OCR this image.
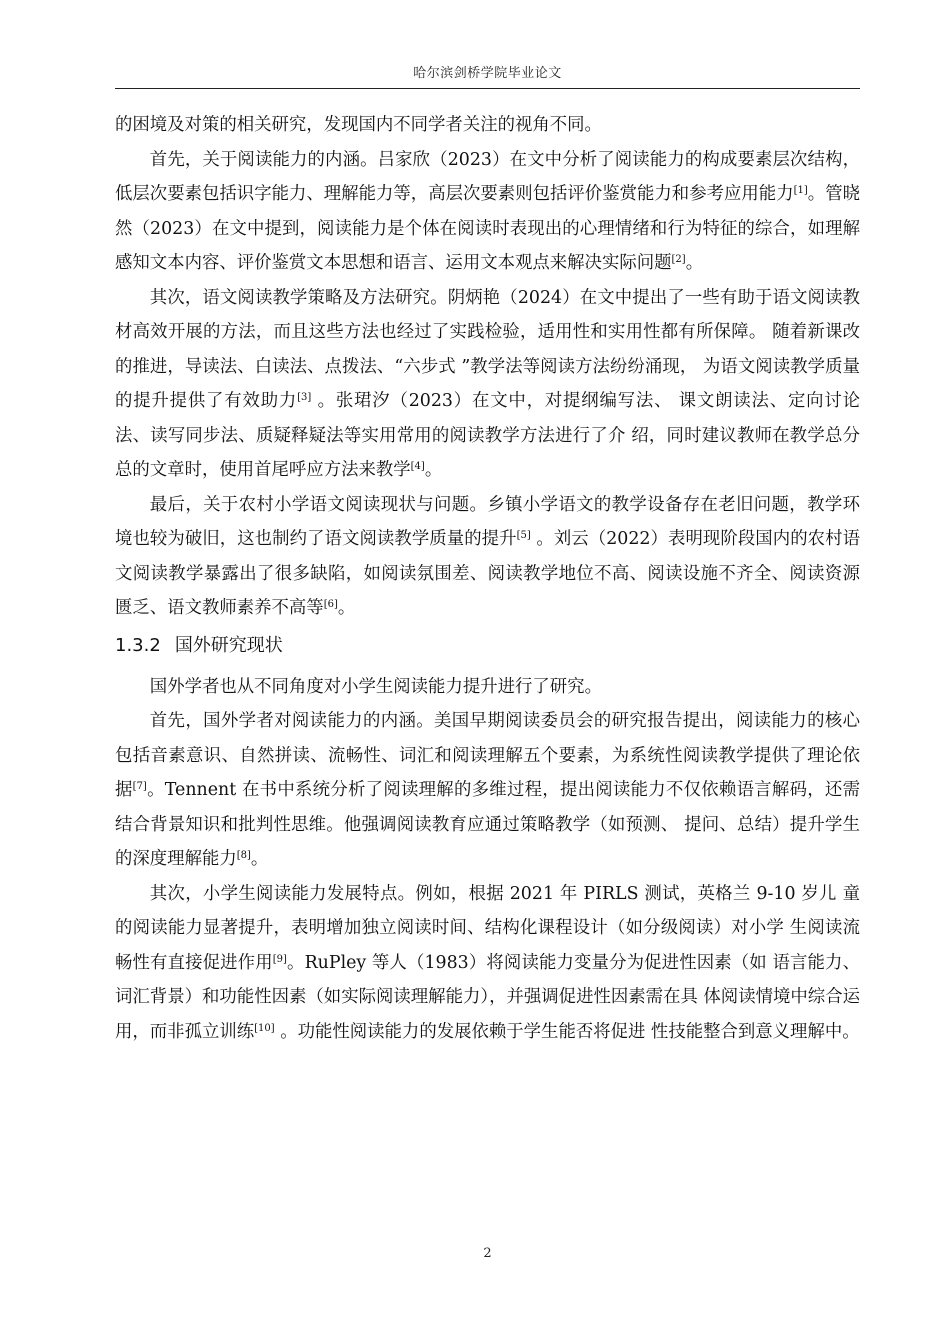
哈尔滨剑桥学院毕业论文

的困境及对策的相关研究，发现国内不同学者关注的视角不同。

首先，关于阅读能力的内涵。吕家欣（2023）在文中分析了阅读能力的构成要素层次结构，低层次要素包括识字能力、理解能力等，高层次要素则包括评价鉴赏能力和参考应用能力[1]。管晓然（2023）在文中提到，阅读能力是个体在阅读时表现出的心理情绪和行为特征的综合，如理解感知文本内容、评价鉴赏文本思想和语言、运用文本观点来解决实际问题[2]。

其次，语文阅读教学策略及方法研究。阴炳艳（2024）在文中提出了一些有助于语文阅读教材高效开展的方法，而且这些方法也经过了实践检验，适用性和实用性都有所保障。 随着新课改的推进，导读法、白读法、点拨法、“六步式 ”教学法等阅读方法纷纷涌现， 为语文阅读教学质量的提升提供了有效助力[3] 。张珺汐（2023）在文中，对提纲编写法、 课文朗读法、定向讨论法、读写同步法、质疑释疑法等实用常用的阅读教学方法进行了介 绍，同时建议教师在教学总分总的文章时，使用首尾呼应方法来教学[4]。

最后，关于农村小学语文阅读现状与问题。乡镇小学语文的教学设备存在老旧问题，教学环境也较为破旧，这也制约了语文阅读教学质量的提升[5] 。刘云（2022）表明现阶段国内的农村语文阅读教学暴露出了很多缺陷，如阅读氛围差、阅读教学地位不高、阅读设施不齐全、阅读资源匮乏、语文教师素养不高等[6]。

1.3.2 国外研究现状

国外学者也从不同角度对小学生阅读能力提升进行了研究。

首先，国外学者对阅读能力的内涵。美国早期阅读委员会的研究报告提出，阅读能力的核心包括音素意识、自然拼读、流畅性、词汇和阅读理解五个要素，为系统性阅读教学提供了理论依据[7]。Tennent 在书中系统分析了阅读理解的多维过程，提出阅读能力不仅依赖语言解码，还需结合背景知识和批判性思维。他强调阅读教育应通过策略教学（如预测、 提问、总结）提升学生的深度理解能力[8]。

其次，小学生阅读能力发展特点。例如，根据 2021 年 PIRLS 测试，英格兰 9-10 岁儿 童的阅读能力显著提升，表明增加独立阅读时间、结构化课程设计（如分级阅读）对小学 生阅读流畅性有直接促进作用[9]。RuPley 等人（1983）将阅读能力变量分为促进性因素（如 语言能力、词汇背景）和功能性因素（如实际阅读理解能力），并强调促进性因素需在具 体阅读情境中综合运用，而非孤立训练[10] 。功能性阅读能力的发展依赖于学生能否将促进 性技能整合到意义理解中。

2
